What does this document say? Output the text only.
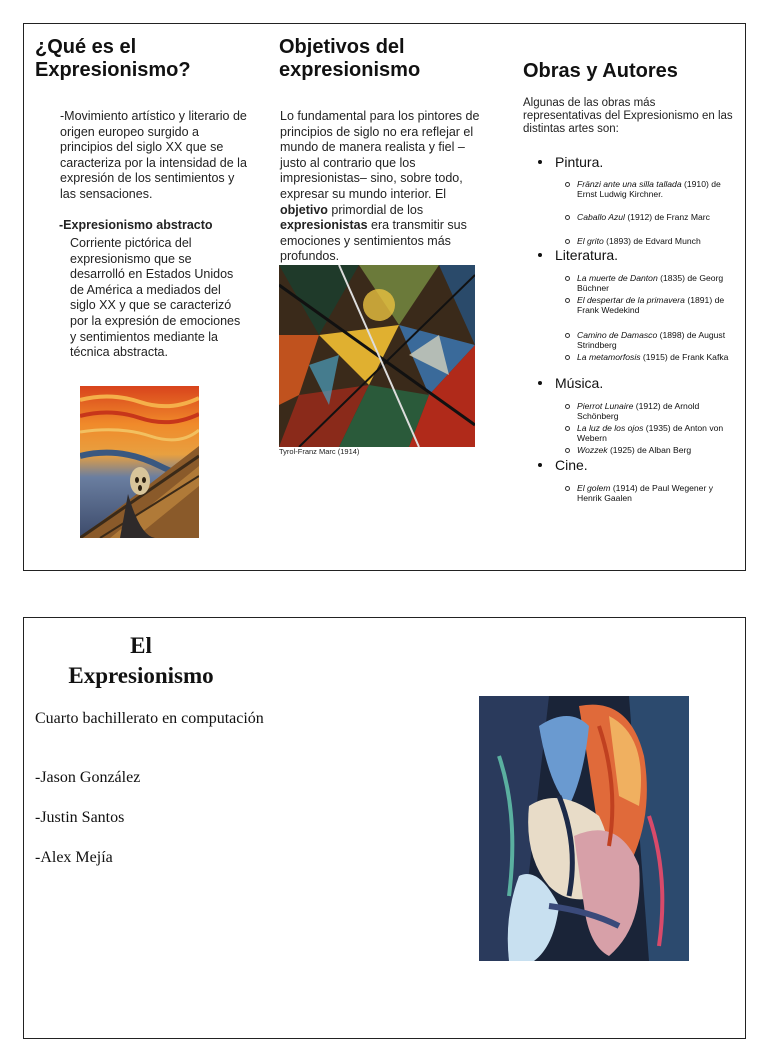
¿Qué es el Expresionismo?

-Movimiento artístico y literario de origen europeo surgido a principios del siglo XX que se caracteriza por la intensidad de la expresión de los sentimientos y las sensaciones.

-Expresionismo abstracto

Corriente pictórica del expresionismo que se desarrolló en Estados Unidos de América a mediados del siglo XX y que se caracterizó por la expresión de emociones y sentimientos mediante la técnica abstracta.

Objetivos del expresionismo

Lo fundamental para los pintores de principios de siglo no era reflejar el mundo de manera realista y fiel –justo al contrario que los impresionistas– sino, sobre todo, expresar su mundo interior. El objetivo primordial de los expresionistas era transmitir sus emociones y sentimientos más profundos.

Tyrol-Franz Marc (1914)
Obras y Autores

Algunas de las obras más representativas del Expresionismo en las distintas artes son:

Pintura.
Fränzi ante una silla tallada (1910) de Ernst Ludwig Kirchner.
Caballo Azul (1912) de Franz Marc
El grito (1893) de Edvard Munch
Literatura.
La muerte de Danton (1835) de Georg Büchner
El despertar de la primavera (1891) de Frank Wedekind
Camino de Damasco (1898) de August Strindberg
La metamorfosis (1915) de Frank Kafka
Música.
Pierrot Lunaire (1912) de Arnold Schönberg
La luz de los ojos (1935) de Anton von Webern
Wozzek (1925) de Alban Berg
Cine.
El golem (1914) de Paul Wegener y Henrik Gaalen
El
Expresionismo
Cuarto bachillerato en computación
-Jason González
-Justin Santos
-Alex Mejía
